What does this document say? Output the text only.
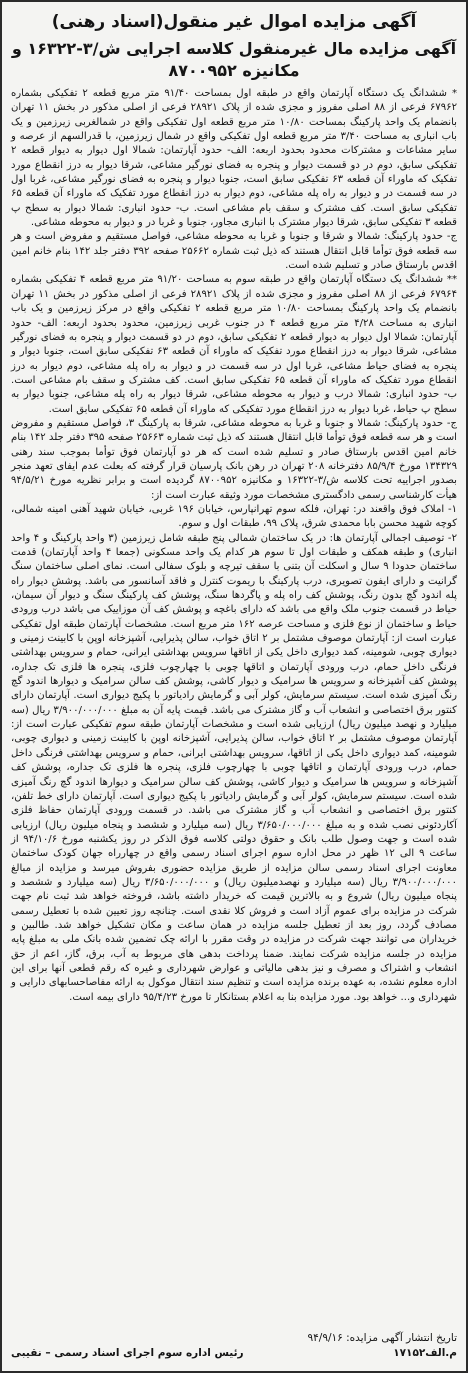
آگهی مزایده اموال غیر منقول(اسناد رهنی)
آگهی مزایده مال غیرمنقول کلاسه اجرایی ش/۳-۱۶۳۲۲ و مکانیزه ۸۷۰۰۹۵۲

* ششدانگ یک دستگاه آپارتمان واقع در طبقه اول بمساحت ۹۱/۴۰ متر مربع قطعه ۲ تفکیکی بشماره ۶۷۹۶۲ فرعی از ۸۸ اصلی مفروز و مجزی شده از پلاک ۲۸۹۲۱ فرعی از اصلی مذکور در بخش ۱۱ تهران بانضمام یک واحد پارکینگ بمساحت ۱۰/۸۰ متر مربع قطعه اول تفکیکی واقع در شمالغربی زیرزمین و یک باب انباری به مساحت ۳/۴۰ متر مربع قطعه اول تفکیکی واقع در شمال زیرزمین، با قدرالسهم از عرصه و سایر مشاعات و مشترکات محدود بحدود اربعه: الف- حدود آپارتمان: شمالا اول دیوار به دیوار قطعه ۲ تفکیکی سابق، دوم در دو قسمت دیوار و پنجره به فضای نورگیر مشاعی، شرقا دیوار به درز انقطاع مورد تفکیک که ماوراء آن قطعه ۶۳ تفکیکی سابق است، جنوبا دیوار و پنجره به فضای نورگیر مشاعی، غربا اول در سه قسمت در و دیوار به راه پله مشاعی، دوم دیوار به درز انقطاع مورد تفکیک که ماوراء آن قطعه ۶۵ تفکیکی سابق است. کف مشترک و سقف بام مشاعی است. ب- حدود انباری: شمالا دیوار به سطح پ قطعه ۳ تفکیکی سابق، شرقا دیوار مشترک با انباری مجاور، جنوبا و غربا در و دیوار به محوطه مشاعی.

ج- حدود پارکینگ: شمالا و شرقا و جنوبا و غربا به محوطه مشاعی، فواصل مستقیم و مفروض است و هر سه قطعه فوق توأما قابل انتقال هستند که ذیل ثبت شماره ۲۵۶۶۲ صفحه ۳۹۲ دفتر جلد ۱۴۲ بنام خانم امین اقدس بارستاق صادر و تسلیم شده است.

** ششدانگ یک دستگاه آپارتمان واقع در طبقه سوم به مساحت ۹۱/۲۰ متر مربع قطعه ۴ تفکیکی بشماره ۶۷۹۶۴ فرعی از ۸۸ اصلی مفروز و مجزی شده از پلاک ۲۸۹۲۱ فرعی از اصلی مذکور در بخش ۱۱ تهران بانضمام یک واحد پارکینگ بمساحت ۱۰/۸۰ متر مربع قطعه ۲ تفکیکی واقع در مرکز زیرزمین و یک باب انباری به مساحت ۴/۲۸ متر مربع قطعه ۴ در جنوب غربی زیرزمین، محدود بحدود اربعه: الف- حدود آپارتمان: شمالا اول دیوار به دیوار قطعه ۲ تفکیکی سابق، دوم در دو قسمت دیوار و پنجره به فضای نورگیر مشاعی، شرقا دیوار به درز انقطاع مورد تفکیک که ماوراء آن قطعه ۶۳ تفکیکی سابق است، جنوبا دیوار و پنجره به فضای حیاط مشاعی، غربا اول در سه قسمت در و دیوار به راه پله مشاعی، دوم دیوار به درز انقطاع مورد تفکیک که ماوراء آن قطعه ۶۵ تفکیکی سابق است. کف مشترک و سقف بام مشاعی است. ب- حدود انباری: شمالا درب و دیوار به محوطه مشاعی، شرقا دیوار به راه پله مشاعی، جنوبا دیوار به سطح پ حیاط، غربا دیوار به درز انقطاع مورد تفکیکی که ماوراء آن قطعه ۶۵ تفکیکی سابق است.

ج- حدود پارکینگ: شمالا و جنوبا و غربا به محوطه مشاعی، شرقا به پارکینگ ۳، فواصل مستقیم و مفروض است و هر سه قطعه فوق توأما قابل انتقال هستند که ذیل ثبت شماره ۲۵۶۶۳ صفحه ۳۹۵ دفتر جلد ۱۴۲ بنام خانم امین اقدس بارستاق صادر و تسلیم شده است که هر دو آپارتمان فوق توأما بموجب سند رهنی ۱۳۴۳۲۹ مورخ ۸۵/۹/۴ دفترخانه ۲۰۸ تهران در رهن بانک پارسیان قرار گرفته که بعلت عدم ایفای تعهد منجر بصدور اجراییه تحت کلاسه ش/۳-۱۶۳۲۲ و مکانیزه ۸۷۰۰۹۵۲ گردیده است و برابر نظریه مورخ ۹۴/۵/۲۱ هیأت کارشناسی رسمی دادگستری مشخصات مورد وثیقه عبارت است از:

۱- املاک فوق واقعند در: تهران، فلکه سوم تهرانپارس، خیابان ۱۹۶ غربی، خیابان شهید آهنی امینه شمالی، کوچه شهید محسن بابا محمدی شرق، پلاک ۹۹، طبقات اول و سوم.

۲- توصیف اجمالی آپارتمان ها: در یک ساختمان شمالی پنج طبقه شامل زیرزمین (۳ واحد پارکینگ و ۴ واحد انباری) و طبقه همکف و طبقات اول تا سوم هر کدام یک واحد مسکونی (جمعا ۴ واحد آپارتمان) قدمت ساختمان حدودا ۹ سال و اسکلت آن بتنی با سقف تیرچه و بلوک سفالی است. نمای اصلی ساختمان سنگ گرانیت و دارای ایفون تصویری، درب پارکینگ با ریموت کنترل و فاقد آسانسور می باشد. پوشش دیوار راه پله اندود گچ بدون رنگ، پوشش کف راه پله و پاگردها سنگ، پوشش کف پارکینگ سنگ و دیوار آن سیمان، حیاط در قسمت جنوب ملک واقع می باشد که دارای باغچه و پوشش کف آن موزاییک می باشد درب ورودی حیاط و ساختمان از نوع فلزی و مساحت عرصه ۱۶۲ متر مربع است. مشخصات آپارتمان طبقه اول تفکیکی عبارت است از: آپارتمان موصوف مشتمل بر ۲ اتاق خواب، سالن پذیرایی، آشپزخانه اوپن با کابینت زمینی و دیواری چوبی، شومینه، کمد دیواری داخل یکی از اتاقها سرویس بهداشتی ایرانی، حمام و سرویس بهداشتی فرنگی داخل حمام، درب ورودی آپارتمان و اتاقها چوبی با چهارچوب فلزی، پنجره ها فلزی تک جداره، پوشش کف آشپزخانه و سرویس ها سرامیک و دیوار کاشی، پوشش کف سالن سرامیک و دیوارها اندود گچ رنگ آمیزی شده است. سیستم سرمایش، کولر آبی و گرمایش رادیاتور با پکیج دیواری است. آپارتمان دارای کنتور برق اختصاصی و انشعاب آب و گاز مشترک می باشد. قیمت پایه آن به مبلغ ۳/۹۰۰/۰۰۰/۰۰۰ ریال (سه میلیارد و نهصد میلیون ریال) ارزیابی شده است و مشخصات آپارتمان طبقه سوم تفکیکی عبارت است از: آپارتمان موصوف مشتمل بر ۲ اتاق خواب، سالن پذیرایی، آشپزخانه اوپن با کابینت زمینی و دیواری چوبی، شومینه، کمد دیواری داخل یکی از اتاقها، سرویس بهداشتی ایرانی، حمام و سرویس بهداشتی فرنگی داخل حمام، درب ورودی آپارتمان و اتاقها چوبی با چهارچوب فلزی، پنجره ها فلزی تک جداره، پوشش کف آشپزخانه و سرویس ها سرامیک و دیوار کاشی، پوشش کف سالن سرامیک و دیوارها اندود گچ رنگ آمیزی شده است. سیستم سرمایش، کولر آبی و گرمایش رادیاتور با پکیج دیواری است. آپارتمان دارای خط تلفن، کنتور برق اختصاصی و انشعاب آب و گاز مشترک می باشد. در قسمت ورودی آپارتمان حفاظ فلزی آکاردئونی نصب شده و به مبلغ ۳/۶۵۰/۰۰۰/۰۰۰ ریال (سه میلیارد و ششصد و پنجاه میلیون ریال) ارزیابی شده است و جهت وصول طلب بانک و حقوق دولتی کلاسه فوق الذکر در روز یکشنبه مورخ ۹۴/۱۰/۶ از ساعت ۹ الی ۱۲ ظهر در محل اداره سوم اجرای اسناد رسمی واقع در چهارراه جهان کودک ساختمان معاونت اجرای اسناد رسمی سالن مزایده از طریق مزایده حضوری بفروش میرسد و مزایده از مبالغ ۳/۹۰۰/۰۰۰/۰۰۰ ریال (سه میلیارد و نهصدمیلیون ریال) و ۳/۶۵۰/۰۰۰/۰۰۰ ریال (سه میلیارد و ششصد و پنجاه میلیون ریال) شروع و به بالاترین قیمت که خریدار داشته باشد، فروخته خواهد شد ثبت نام جهت شرکت در مزایده برای عموم آزاد است و فروش کلا نقدی است. چنانچه روز تعیین شده با تعطیل رسمی مصادف گردد، روز بعد از تعطیل جلسه مزایده در همان ساعت و مکان تشکیل خواهد شد. طالبین و خریداران می توانند جهت شرکت در مزایده در وقت مقرر با ارائه چک تضمین شده بانک ملی به مبلغ پایه مزایده در جلسه مزایده شرکت نمایند. ضمنا پرداخت بدهی های مربوط به آب، برق، گاز، اعم از حق انشعاب و اشتراک و مصرف و نیز بدهی مالیاتی و عوارض شهرداری و غیره که رقم قطعی آنها برای این اداره معلوم نشده، به عهده برنده مزایده است و تنظیم سند انتقال موکول به ارائه مفاصاحسابهای دارایی و شهرداری و... خواهد بود. مورد مزایده بنا به اعلام بستانکار تا مورخ ۹۵/۴/۲۳ دارای بیمه است.

تاریخ انتشار آگهی مزایده: ۹۴/۹/۱۶
م.الف۱۷۱۵۲
رئیس اداره سوم اجرای اسناد رسمی – نقیبی
